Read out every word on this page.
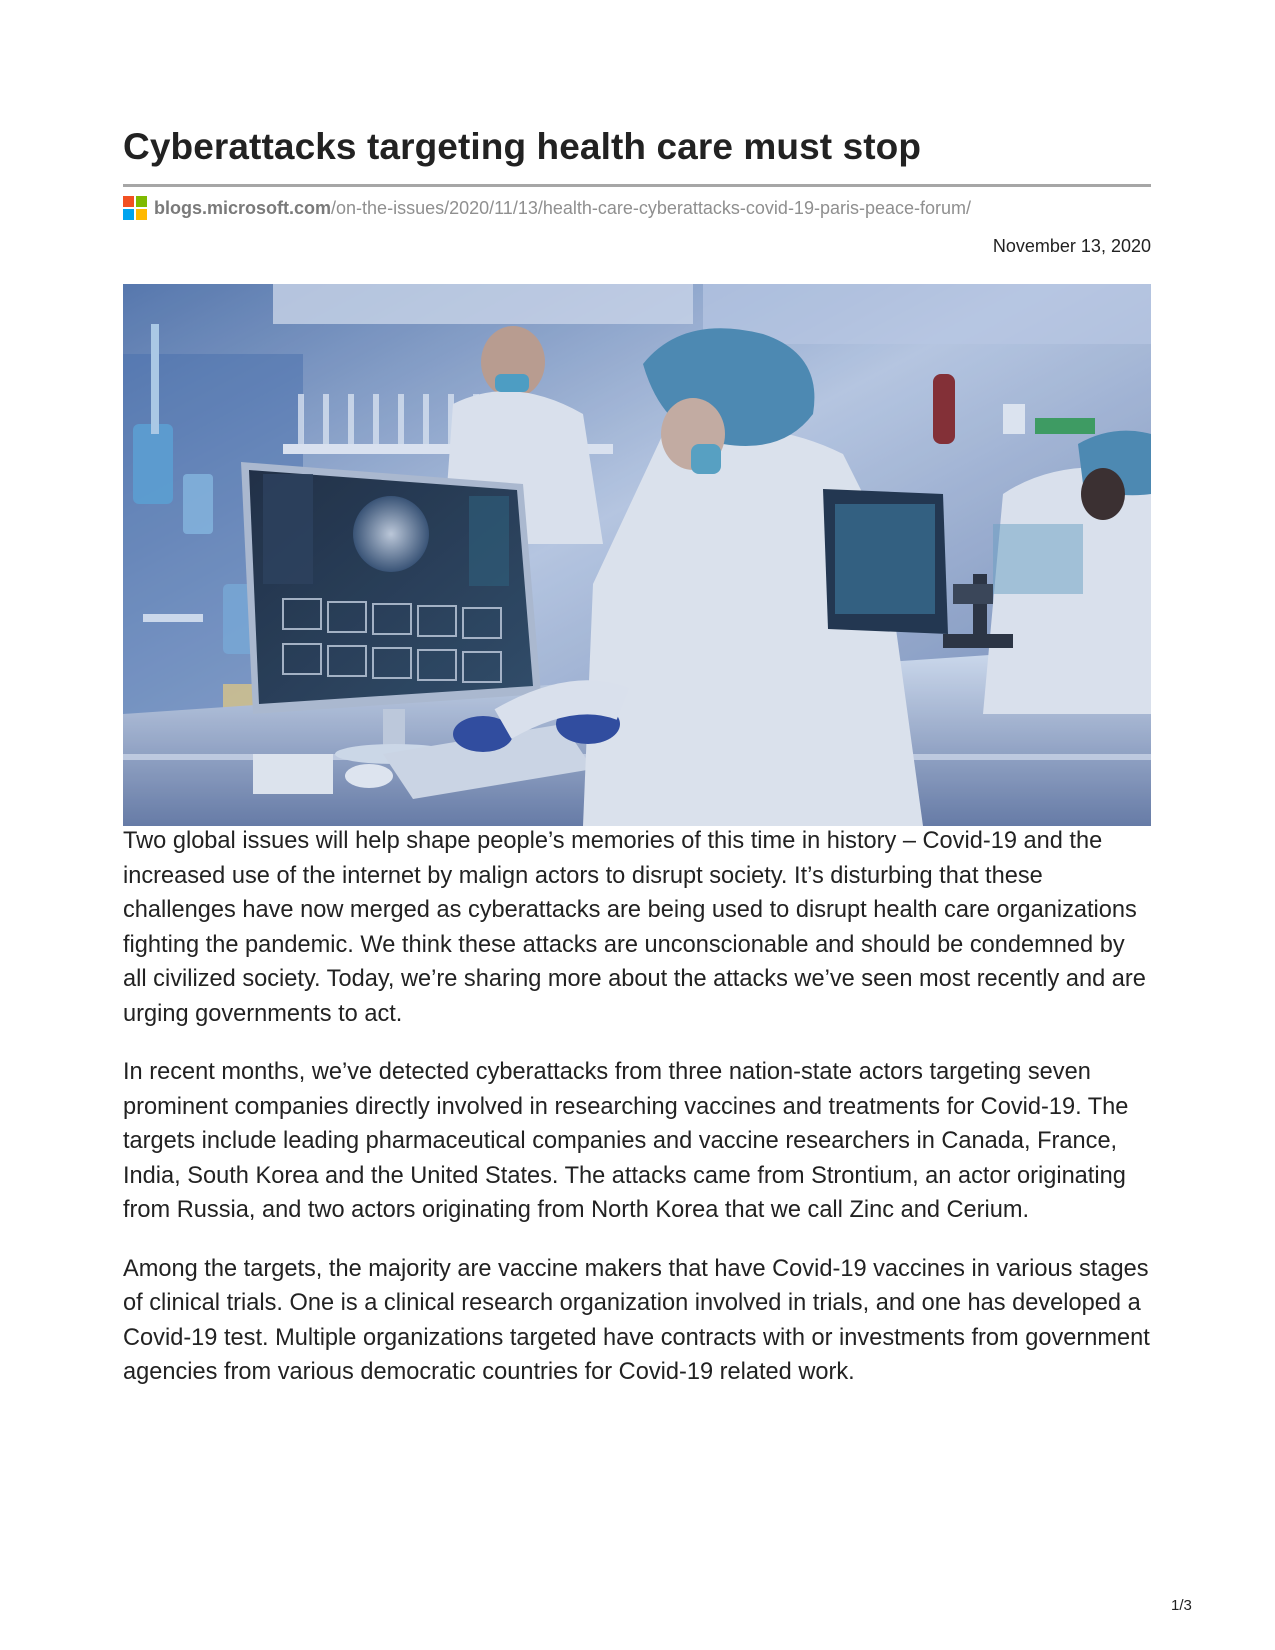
Cyberattacks targeting health care must stop
blogs.microsoft.com /on-the-issues/2020/11/13/health-care-cyberattacks-covid-19-paris-peace-forum/
November 13, 2020

Two global issues will help shape people’s memories of this time in history – Covid-19 and the increased use of the internet by malign actors to disrupt society. It’s disturbing that these challenges have now merged as cyberattacks are being used to disrupt health care organizations fighting the pandemic. We think these attacks are unconscionable and should be condemned by all civilized society. Today, we’re sharing more about the attacks we’ve seen most recently and are urging governments to act.

In recent months, we’ve detected cyberattacks from three nation-state actors targeting seven prominent companies directly involved in researching vaccines and treatments for Covid-19. The targets include leading pharmaceutical companies and vaccine researchers in Canada, France, India, South Korea and the United States. The attacks came from Strontium, an actor originating from Russia, and two actors originating from North Korea that we call Zinc and Cerium.

Among the targets, the majority are vaccine makers that have Covid-19 vaccines in various stages of clinical trials. One is a clinical research organization involved in trials, and one has developed a Covid-19 test. Multiple organizations targeted have contracts with or investments from government agencies from various democratic countries for Covid-19 related work.

1/3
